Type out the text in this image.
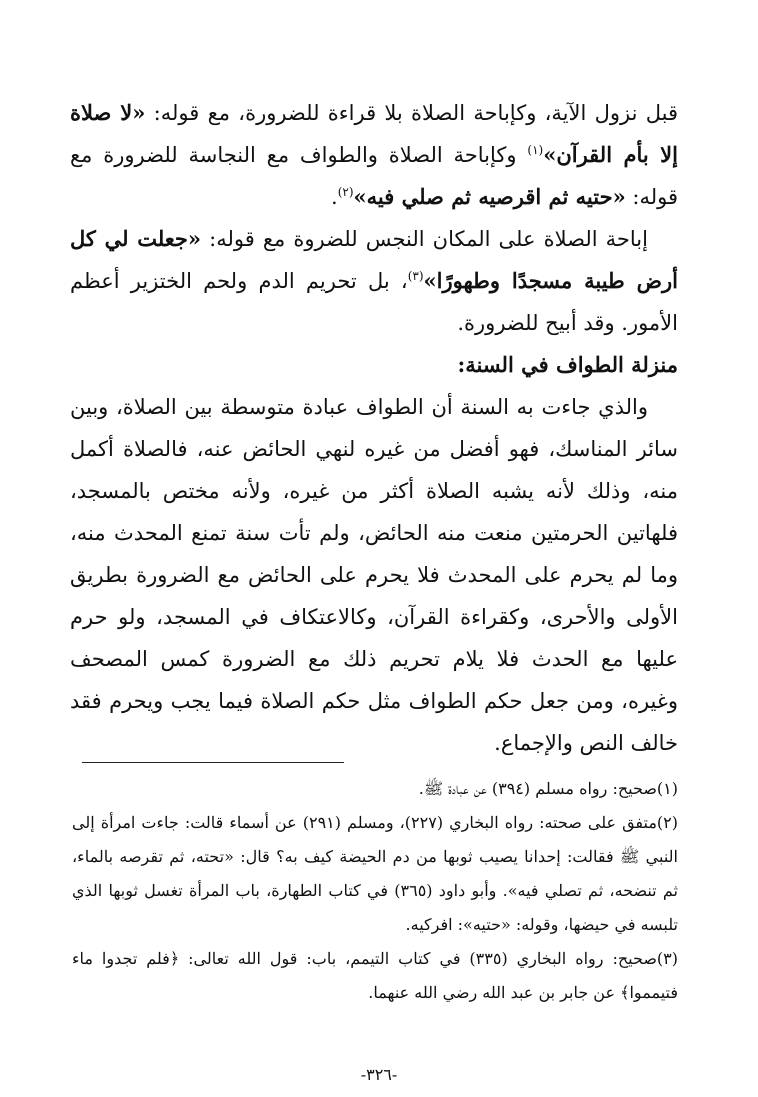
قبل نزول الآية، وكإباحة الصلاة بلا قراءة للضرورة، مع قوله: «لا صلاة إلا بأم القرآن»$^{(١)}$ وكإباحة الصلاة والطواف مع النجاسة للضرورة مع قوله: «حتيه ثم اقرصيه ثم صلي فيه»$^{(٢)}$.

إباحة الصلاة على المكان النجس للضروة مع قوله: «جعلت لي كل أرض طيبة مسجدًا وطهورًا»$^{(٣)}$، بل تحريم الدم ولحم الختزير أعظم الأمور. وقد أبيح للضرورة.

منزلة الطواف في السنة:

والذي جاءت به السنة أن الطواف عبادة متوسطة بين الصلاة، وبين سائر المناسك، فهو أفضل من غيره لنهي الحائض عنه، فالصلاة أكمل منه، وذلك لأنه يشبه الصلاة أكثر من غيره، ولأنه مختص بالمسجد، فلهاتين الحرمتين منعت منه الحائض، ولم تأت سنة تمنع المحدث منه، وما لم يحرم على المحدث فلا يحرم على الحائض مع الضرورة بطريق الأولى والأحرى، وكقراءة القرآن، وكالاعتكاف في المسجد، ولو حرم عليها مع الحدث فلا يلام تحريم ذلك مع الضرورة كمس المصحف وغيره، ومن جعل حكم الطواف مثل حكم الصلاة فيما يجب ويحرم فقد خالف النص والإجماع.

(١)صحيح: رواه مسلم (٣٩٤) عن عبادة ﷺ.

(٢)متفق على صحته: رواه البخاري (٢٢٧)، ومسلم (٢٩١) عن أسماء قالت: جاءت امرأة إلى النبي ﷺ فقالت: إحدانا يصيب ثوبها من دم الحيضة كيف به؟ قال: «تحته، ثم تقرصه بالماء، ثم تنضحه، ثم تصلي فيه». وأبو داود (٣٦٥) في كتاب الطهارة، باب المرأة تغسل ثوبها الذي تلبسه في حيضها، وقوله: «حتيه»: افركيه.

(٣)صحيح: رواه البخاري (٣٣٥) في كتاب التيمم، باب: قول الله تعالى: ﴿فلم تجدوا ماء فتيمموا﴾ عن جابر بن عبد الله رضي الله عنهما.

-٣٢٦-
